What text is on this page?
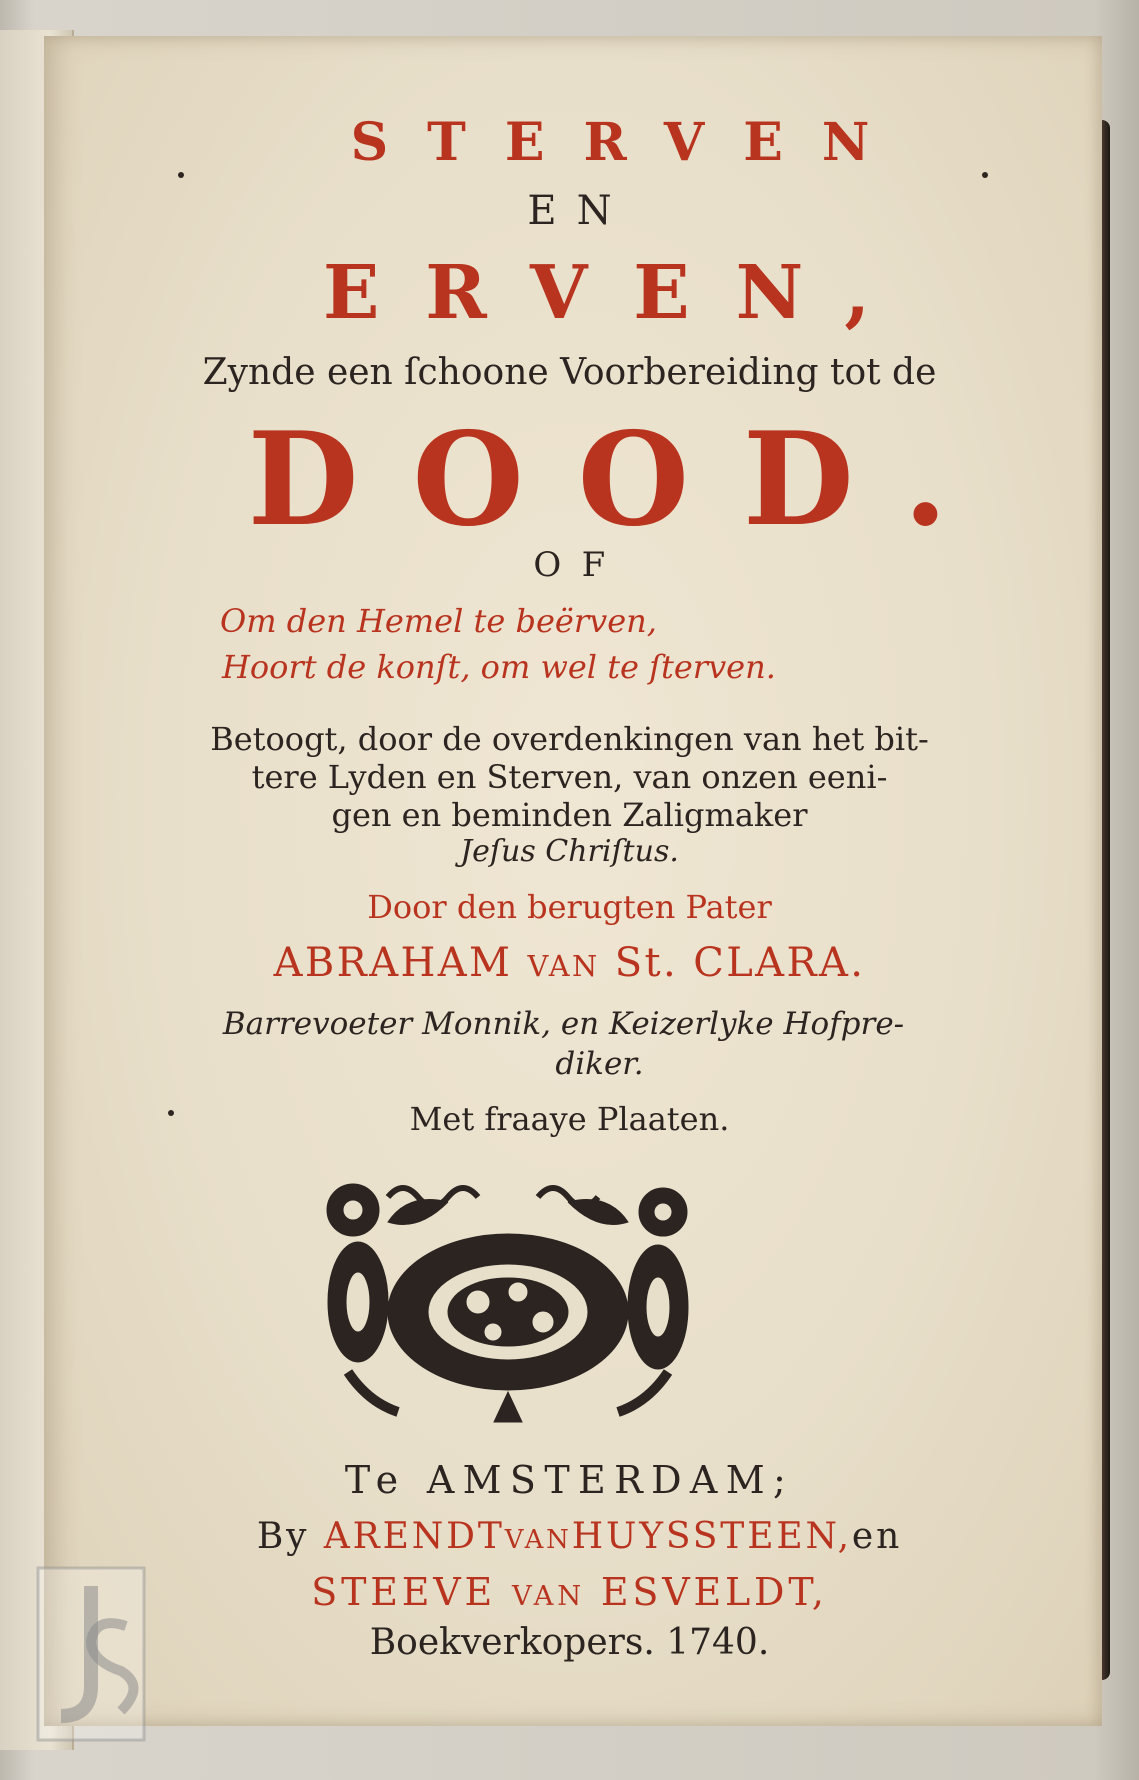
STERVEN
EN
ERVEN,
Zynde een ſchoone Voorbereiding tot de
DOOD.
OF
Om den Hemel te beërven,
Hoort de konſt, om wel te ſterven.
Betoogt, door de overdenkingen van het bit-
tere Lyden en Sterven, van onzen eeni-
gen en beminden Zaligmaker
Jeſus Chriſtus.
Door den berugten Pater
ABRAHAM VAN St. CLARA.
Barrevoeter Monnik, en Keizerlyke Hofpre-
diker.
Met fraaye Plaaten.
Te AMSTERDAM;
By ARENDTVANHUYSSTEEN,en
STEEVE VAN ESVELDT,
Boekverkopers. 1740.
